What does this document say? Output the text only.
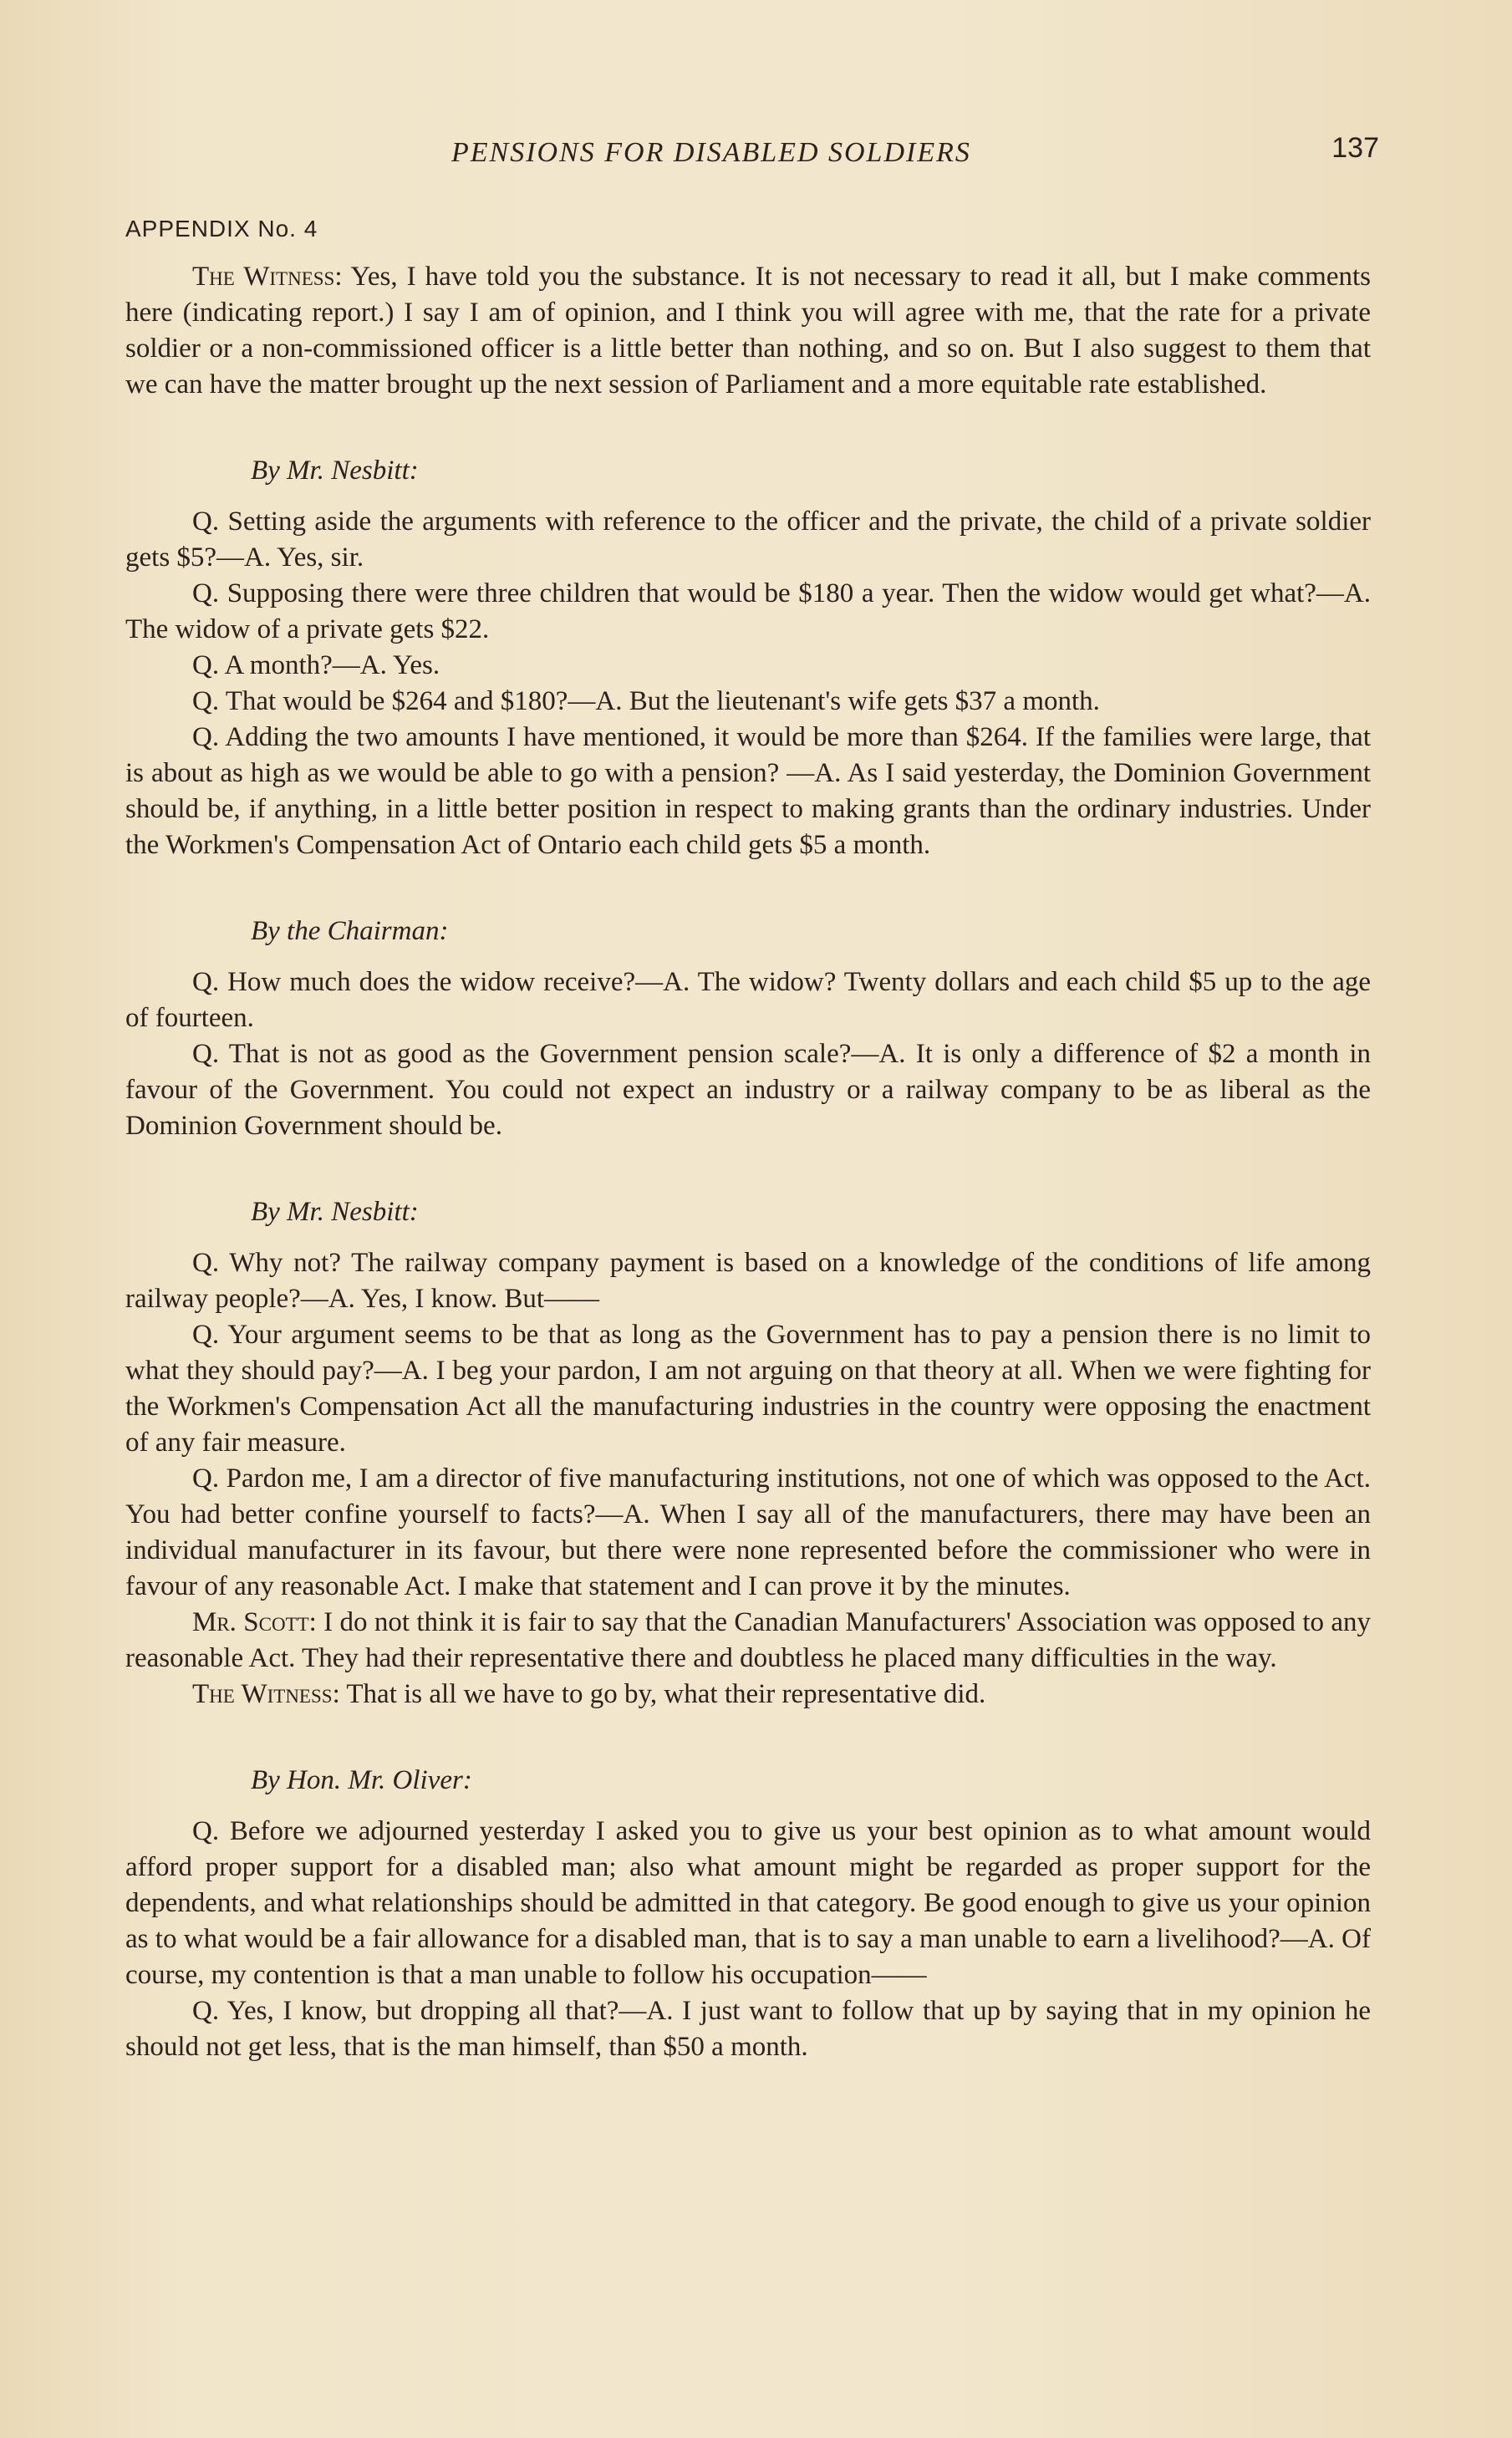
PENSIONS FOR DISABLED SOLDIERS	137
APPENDIX No. 4

The Witness: Yes, I have told you the substance. It is not necessary to read it all, but I make comments here (indicating report.) I say I am of opinion, and I think you will agree with me, that the rate for a private soldier or a non-commissioned officer is a little better than nothing, and so on. But I also suggest to them that we can have the matter brought up the next session of Parliament and a more equitable rate established.

By Mr. Nesbitt:

Q. Setting aside the arguments with reference to the officer and the private, the child of a private soldier gets $5?—A. Yes, sir.

Q. Supposing there were three children that would be $180 a year. Then the widow would get what?—A. The widow of a private gets $22.

Q. A month?—A. Yes.

Q. That would be $264 and $180?—A. But the lieutenant's wife gets $37 a month.

Q. Adding the two amounts I have mentioned, it would be more than $264. If the families were large, that is about as high as we would be able to go with a pension? —A. As I said yesterday, the Dominion Government should be, if anything, in a little better position in respect to making grants than the ordinary industries. Under the Workmen's Compensation Act of Ontario each child gets $5 a month.

By the Chairman:

Q. How much does the widow receive?—A. The widow? Twenty dollars and each child $5 up to the age of fourteen.

Q. That is not as good as the Government pension scale?—A. It is only a difference of $2 a month in favour of the Government. You could not expect an industry or a railway company to be as liberal as the Dominion Government should be.

By Mr. Nesbitt:

Q. Why not? The railway company payment is based on a knowledge of the conditions of life among railway people?—A. Yes, I know. But——

Q. Your argument seems to be that as long as the Government has to pay a pension there is no limit to what they should pay?—A. I beg your pardon, I am not arguing on that theory at all. When we were fighting for the Workmen's Compensation Act all the manufacturing industries in the country were opposing the enactment of any fair measure.

Q. Pardon me, I am a director of five manufacturing institutions, not one of which was opposed to the Act. You had better confine yourself to facts?—A. When I say all of the manufacturers, there may have been an individual manufacturer in its favour, but there were none represented before the commissioner who were in favour of any reasonable Act. I make that statement and I can prove it by the minutes.

Mr. Scott: I do not think it is fair to say that the Canadian Manufacturers' Association was opposed to any reasonable Act. They had their representative there and doubtless he placed many difficulties in the way.

The Witness: That is all we have to go by, what their representative did.

By Hon. Mr. Oliver:

Q. Before we adjourned yesterday I asked you to give us your best opinion as to what amount would afford proper support for a disabled man; also what amount might be regarded as proper support for the dependents, and what relationships should be admitted in that category. Be good enough to give us your opinion as to what would be a fair allowance for a disabled man, that is to say a man unable to earn a livelihood?—A. Of course, my contention is that a man unable to follow his occupation——

Q. Yes, I know, but dropping all that?—A. I just want to follow that up by saying that in my opinion he should not get less, that is the man himself, than $50 a month.
